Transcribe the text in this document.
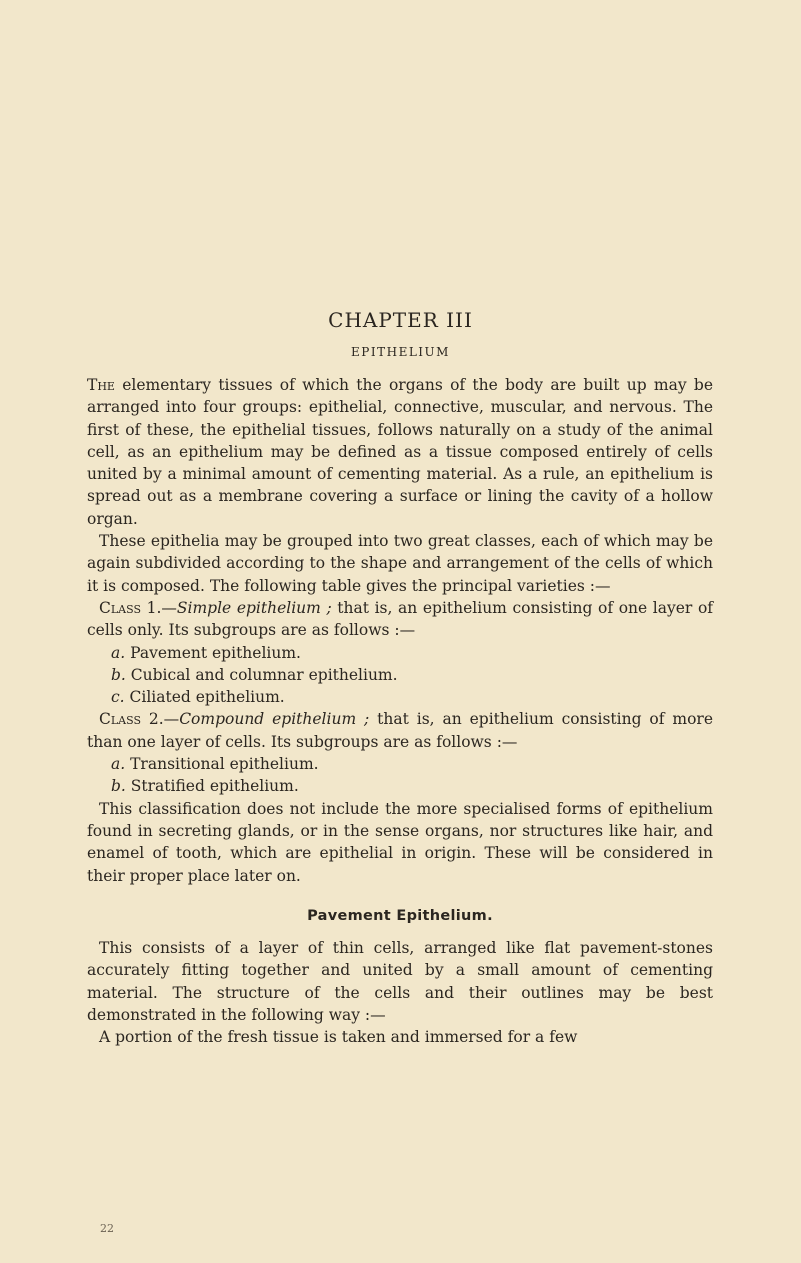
CHAPTER III
EPITHELIUM

The elementary tissues of which the organs of the body are built up may be arranged into four groups: epithelial, connective, muscular, and nervous. The first of these, the epithelial tissues, follows naturally on a study of the animal cell, as an epithelium may be defined as a tissue composed entirely of cells united by a minimal amount of cementing material. As a rule, an epithelium is spread out as a membrane covering a surface or lining the cavity of a hollow organ.

These epithelia may be grouped into two great classes, each of which may be again subdivided according to the shape and arrangement of the cells of which it is composed. The following table gives the principal varieties :—

Class 1.—Simple epithelium ; that is, an epithelium consisting of one layer of cells only. Its subgroups are as follows :—

a. Pavement epithelium.

b. Cubical and columnar epithelium.

c. Ciliated epithelium.

Class 2.—Compound epithelium ; that is, an epithelium consisting of more than one layer of cells. Its subgroups are as follows :—

a. Transitional epithelium.

b. Stratified epithelium.

This classification does not include the more specialised forms of epithelium found in secreting glands, or in the sense organs, nor structures like hair, and enamel of tooth, which are epithelial in origin. These will be considered in their proper place later on.

Pavement Epithelium.

This consists of a layer of thin cells, arranged like flat pavement-stones accurately fitting together and united by a small amount of cementing material. The structure of the cells and their outlines may be best demonstrated in the following way :—

A portion of the fresh tissue is taken and immersed for a few

22
